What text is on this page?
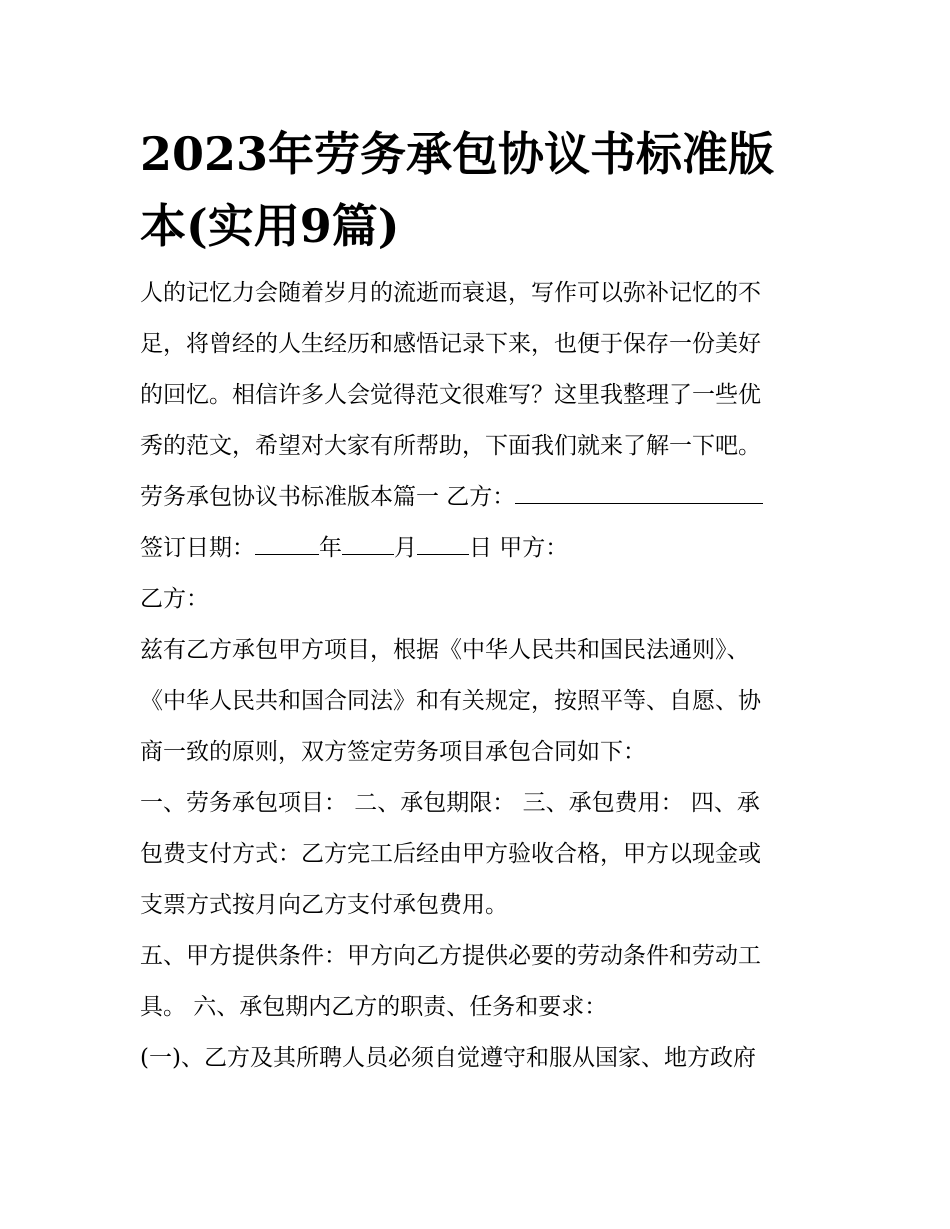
2023年劳务承包协议书标准版
本(实用9篇)

人的记忆力会随着岁月的流逝而衰退，写作可以弥补记忆的不

足，将曾经的人生经历和感悟记录下来，也便于保存一份美好

的回忆。相信许多人会觉得范文很难写？这里我整理了一些优

秀的范文，希望对大家有所帮助，下面我们就来了解一下吧。

劳务承包协议书标准版本篇一 乙方：

签订日期：	年 月 日 甲方：

乙方：

兹有乙方承包甲方项目，根据《中华人民共和国民法通则》、

《中华人民共和国合同法》和有关规定，按照平等、自愿、协

商一致的原则，双方签定劳务项目承包合同如下：

一、劳务承包项目： 二、承包期限： 三、承包费用： 四、承

包费支付方式：乙方完工后经由甲方验收合格，甲方以现金或

支票方式按月向乙方支付承包费用。

五、甲方提供条件：甲方向乙方提供必要的劳动条件和劳动工

具。 六、承包期内乙方的职责、任务和要求：

(一)、乙方及其所聘人员必须自觉遵守和服从国家、地方政府
